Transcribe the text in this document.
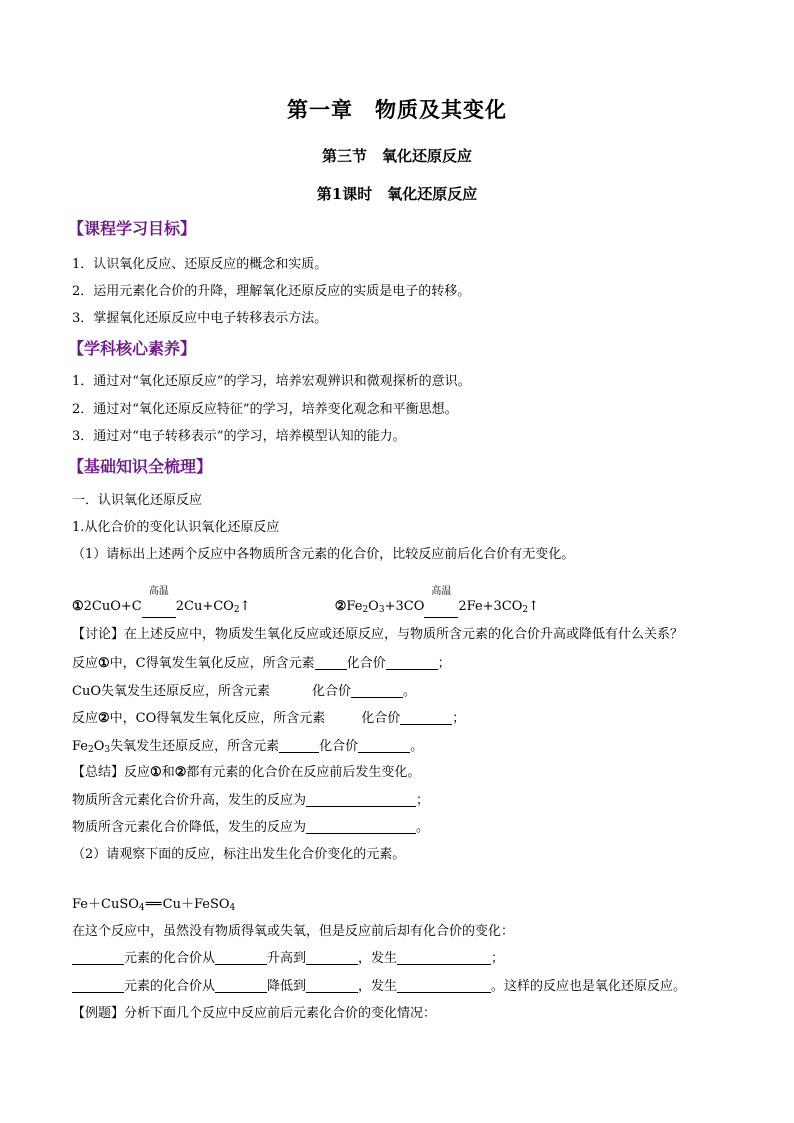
第一章　物质及其变化
第三节　氧化还原反应
第1课时　氧化还原反应
【课程学习目标】
1．认识氧化反应、还原反应的概念和实质。
2．运用元素化合价的升降，理解氧化还原反应的实质是电子的转移。
3．掌握氧化还原反应中电子转移表示方法。
【学科核心素养】
1．通过对“氧化还原反应”的学习，培养宏观辨识和微观探析的意识。
2．通过对“氧化还原反应特征”的学习，培养变化观念和平衡思想。
3．通过对“电子转移表示”的学习，培养模型认知的能力。
【基础知识全梳理】
一．认识氧化还原反应
1.从化合价的变化认识氧化还原反应
（1）请标出上述两个反应中各物质所含元素的化合价，比较反应前后化合价有无变化。
①2CuO+C
高温
$2Cu+CO_2↑$	$②Fe_2O_3+3CO$
高温
$2Fe+3CO_2↑$
【讨论】在上述反应中，物质发生氧化反应或还原反应，与物质所含元素的化合价升高或降低有什么关系？
反应①中，C得氧发生氧化反应，所含元素 化合价	；
CuO失氧发生还原反应，所含元素	化合价	。
反应②中，CO得氧发生氧化反应，所含元素	化合价	；
$Fe_2O_3$失氧发生还原反应，所含元素	化合价	。
【总结】反应①和②都有元素的化合价在反应前后发生变化。
物质所含元素化合价升高，发生的反应为	；
物质所含元素化合价降低，发生的反应为	。
（2）请观察下面的反应，标注出发生化合价变化的元素。
Fe＋CuSO$_4$══Cu＋FeSO$_4$
在这个反应中，虽然没有物质得氧或失氧，但是反应前后却有化合价的变化：
元素的化合价从	升高到	，发生	；
元素的化合价从	降低到	，发生	。这样的反应也是氧化还原反应。
【例题】分析下面几个反应中反应前后元素化合价的变化情况：
